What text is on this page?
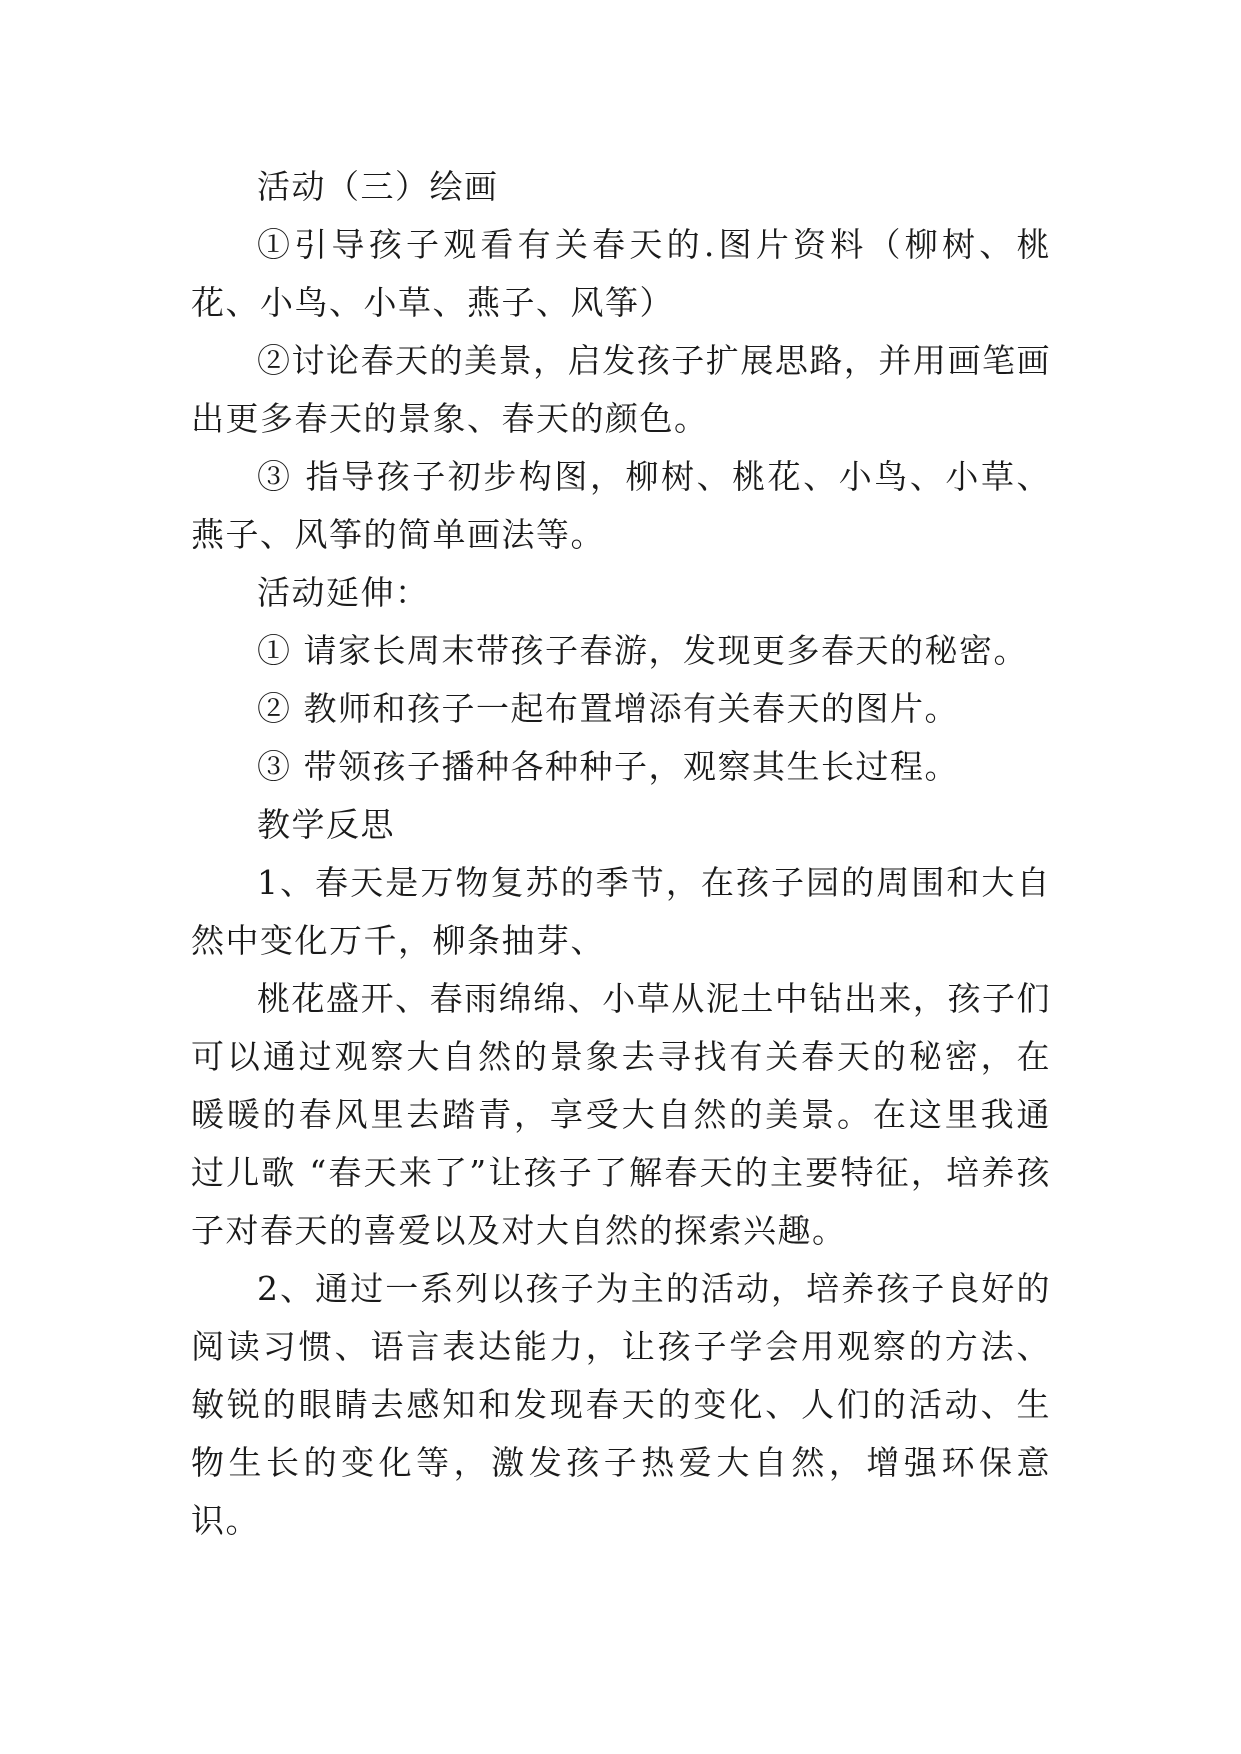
活动（三）绘画

①引导孩子观看有关春天的.图片资料（柳树、桃花、小鸟、小草、燕子、风筝）

②讨论春天的美景，启发孩子扩展思路，并用画笔画出更多春天的景象、春天的颜色。

③ 指导孩子初步构图，柳树、桃花、小鸟、小草、燕子、风筝的简单画法等。

活动延伸：

① 请家长周末带孩子春游，发现更多春天的秘密。

② 教师和孩子一起布置增添有关春天的图片。

③ 带领孩子播种各种种子，观察其生长过程。

教学反思

1、春天是万物复苏的季节，在孩子园的周围和大自然中变化万千，柳条抽芽、

桃花盛开、春雨绵绵、小草从泥土中钻出来，孩子们可以通过观察大自然的景象去寻找有关春天的秘密，在暖暖的春风里去踏青，享受大自然的美景。在这里我通过儿歌 “春天来了”让孩子了解春天的主要特征，培养孩子对春天的喜爱以及对大自然的探索兴趣。

2、通过一系列以孩子为主的活动，培养孩子良好的阅读习惯、语言表达能力，让孩子学会用观察的方法、敏锐的眼睛去感知和发现春天的变化、人们的活动、生物生长的变化等，激发孩子热爱大自然，增强环保意识。
